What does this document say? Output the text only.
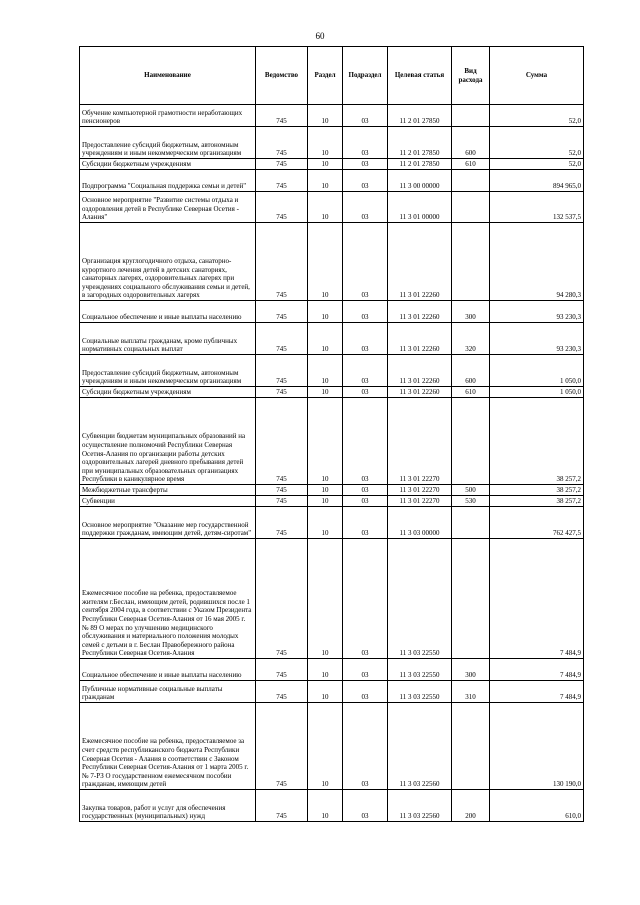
60
Наименование	Ведомство	Раздел	Подраздел	Целевая статья	Вид расхода	Сумма
Обучение компьютерной грамотности неработающих пенсионеров	745	10	03	11 2 01 27850		52,0
Предоставление субсидий бюджетным, автономным учреждениям и иным некоммерческим организациям	745	10	03	11 2 01 27850	600	52,0
Субсидии бюджетным учреждениям	745	10	03	11 2 01 27850	610	52,0
Подпрограмма "Социальная поддержка семьи и детей"	745	10	03	11 3 00 00000		894 965,0
Основное мероприятие "Развитие системы отдыха и оздоровления детей в Республике Северная Осетия - Алания"	745	10	03	11 3 01 00000		132 537,5
Организация круглогодичного отдыха, санаторно-курортного лечения детей в детских санаториях, санаторных лагерях, оздоровительных лагерях при учреждениях социального обслуживания семьи и детей, в загородных оздоровительных лагерях	745	10	03	11 3 01 22260		94 280,3
Социальное обеспечение и иные выплаты населению	745	10	03	11 3 01 22260	300	93 230,3
Социальные выплаты гражданам, кроме публичных нормативных социальных выплат	745	10	03	11 3 01 22260	320	93 230,3
Предоставление субсидий бюджетным, автономным учреждениям и иным некоммерческим организациям	745	10	03	11 3 01 22260	600	1 050,0
Субсидии бюджетным учреждениям	745	10	03	11 3 01 22260	610	1 050,0
Субвенции бюджетам муниципальных образований на осуществление полномочий Республики Северная Осетия-Алания по организации работы детских оздоровительных лагерей дневного пребывания детей при муниципальных образовательных организациях Республики в каникулярное время	745	10	03	11 3 01 22270		38 257,2
Межбюджетные трансферты	745	10	03	11 3 01 22270	500	38 257,2
Субвенции	745	10	03	11 3 01 22270	530	38 257,2
Основное мероприятие "Оказание мер государственной поддержки гражданам, имеющим детей, детям-сиротам"	745	10	03	11 3 03 00000		762 427,5
Ежемесячное пособие на ребенка, предоставляемое жителям г.Беслан, имеющим детей, родившихся после 1 сентября 2004 года, в соответствии с Указом Президента Республики Северная Осетия-Алания от 16 мая 2005 г. № 89 О мерах по улучшению медицинского обслуживания и материального положения молодых семей с детьми в г. Беслан Правобережного района Республики Северная Осетия-Алания	745	10	03	11 3 03 22550		7 484,9
Социальное обеспечение и иные выплаты населению	745	10	03	11 3 03 22550	300	7 484,9
Публичные нормативные социальные выплаты гражданам	745	10	03	11 3 03 22550	310	7 484,9
Ежемесячное пособие на ребенка, предоставляемое за счет средств республиканского бюджета Республики Северная Осетия - Алания в соответствии с Законом Республики Северная Осетия-Алания от 1 марта 2005 г. № 7-РЗ О государственном ежемесячном пособии гражданам, имеющим детей	745	10	03	11 3 03 22560		130 190,0
Закупка товаров, работ и услуг для обеспечения государственных (муниципальных) нужд	745	10	03	11 3 03 22560	200	610,0
